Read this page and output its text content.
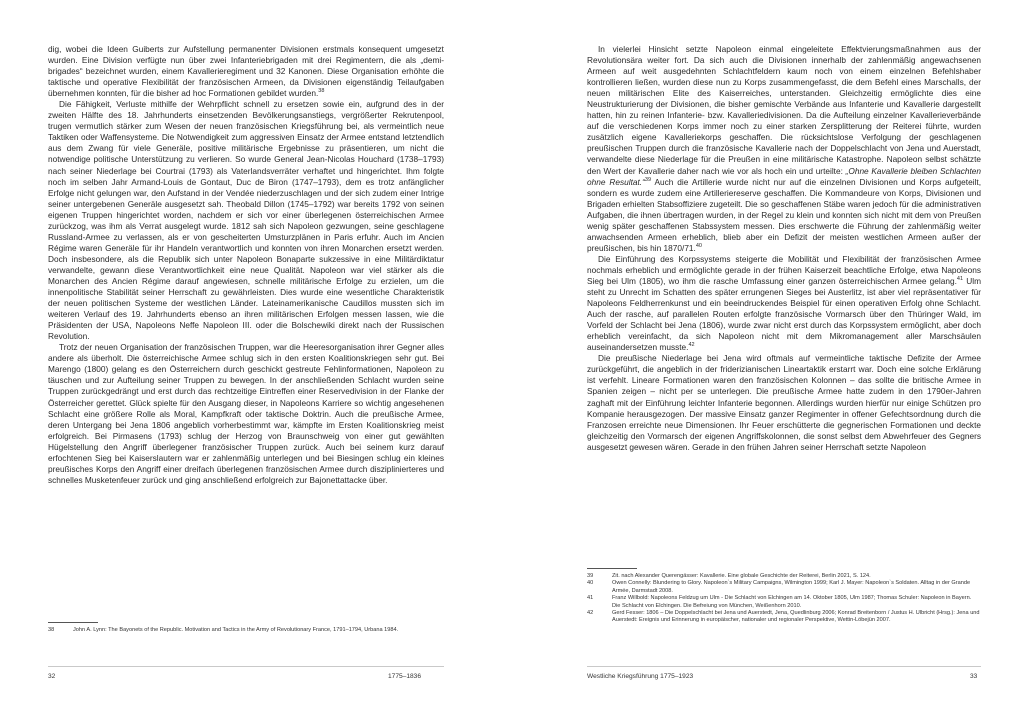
dig, wobei die Ideen Guiberts zur Aufstellung permanenter Divisionen erstmals konsequent umgesetzt wurden. Eine Division verfügte nun über zwei Infanteriebrigaden mit drei Regimentern, die als „demi-brigades“ bezeichnet wurden, einem Kavallerieregiment und 32 Kanonen. Diese Organisation erhöhte die taktische und operative Flexibilität der französischen Armeen, da Divisionen eigenständig Teilaufgaben übernehmen konnten, für die bisher ad hoc Formationen gebildet wurden.$^{38}$

Die Fähigkeit, Verluste mithilfe der Wehrpflicht schnell zu ersetzen sowie ein, aufgrund des in der zweiten Hälfte des 18. Jahrhunderts einsetzenden Bevölkerungsanstiegs, vergrößerter Rekrutenpool, trugen vermutlich stärker zum Wesen der neuen französischen Kriegsführung bei, als vermeintlich neue Taktiken oder Waffensysteme. Die Notwendigkeit zum aggressiven Einsatz der Armee entstand letztendlich aus dem Zwang für viele Generäle, positive militärische Ergebnisse zu präsentieren, um nicht die notwendige politische Unterstützung zu verlieren. So wurde General Jean-Nicolas Houchard (1738–1793) nach seiner Niederlage bei Courtrai (1793) als Vaterlandsverräter verhaftet und hingerichtet. Ihm folgte noch im selben Jahr Armand-Louis de Gontaut, Duc de Biron (1747–1793), dem es trotz anfänglicher Erfolge nicht gelungen war, den Aufstand in der Vendée niederzuschlagen und der sich zudem einer Intrige seiner untergebenen Generäle ausgesetzt sah. Theobald Dillon (1745–1792) war bereits 1792 von seinen eigenen Truppen hingerichtet worden, nachdem er sich vor einer überlegenen österreichischen Armee zurückzog, was ihm als Verrat ausgelegt wurde. 1812 sah sich Napoleon gezwungen, seine geschlagene Russland-Armee zu verlassen, als er von gescheiterten Umsturzplänen in Paris erfuhr. Auch im Ancien Régime waren Generäle für ihr Handeln verantwortlich und konnten von ihren Monarchen ersetzt werden. Doch insbesondere, als die Republik sich unter Napoleon Bonaparte sukzessive in eine Militärdiktatur verwandelte, gewann diese Verantwortlichkeit eine neue Qualität. Napoleon war viel stärker als die Monarchen des Ancien Régime darauf angewiesen, schnelle militärische Erfolge zu erzielen, um die innenpolitische Stabilität seiner Herrschaft zu gewährleisten. Dies wurde eine wesentliche Charakteristik der neuen politischen Systeme der westlichen Länder. Lateinamerikanische Caudillos mussten sich im weiteren Verlauf des 19. Jahrhunderts ebenso an ihren militärischen Erfolgen messen lassen, wie die Präsidenten der USA, Napoleons Neffe Napoleon III. oder die Bolschewiki direkt nach der Russischen Revolution.

Trotz der neuen Organisation der französischen Truppen, war die Heeresorganisation ihrer Gegner alles andere als überholt. Die österreichische Armee schlug sich in den ersten Koalitionskriegen sehr gut. Bei Marengo (1800) gelang es den Österreichern durch geschickt gestreute Fehlinformationen, Napoleon zu täuschen und zur Aufteilung seiner Truppen zu bewegen. In der anschließenden Schlacht wurden seine Truppen zurückgedrängt und erst durch das rechtzeitige Eintreffen einer Reservedivision in der Flanke der Österreicher gerettet. Glück spielte für den Ausgang dieser, in Napoleons Karriere so wichtig angesehenen Schlacht eine größere Rolle als Moral, Kampfkraft oder taktische Doktrin. Auch die preußische Armee, deren Untergang bei Jena 1806 angeblich vorherbestimmt war, kämpfte im Ersten Koalitionskrieg meist erfolgreich. Bei Pirmasens (1793) schlug der Herzog von Braunschweig von einer gut gewählten Hügelstellung den Angriff überlegener französischer Truppen zurück. Auch bei seinem kurz darauf erfochtenen Sieg bei Kaiserslautern war er zahlenmäßig unterlegen und bei Biesingen schlug ein kleines preußisches Korps den Angriff einer dreifach überlegenen französischen Armee durch disziplinierteres und schnelles Musketenfeuer zurück und ging anschließend erfolgreich zur Bajonettattacke über.

38	John A. Lynn: The Bayonets of the Republic. Motivation and Tactics in the Army of Revolutionary France, 1791–1794, Urbana 1984.
32	1775–1836

In vielerlei Hinsicht setzte Napoleon einmal eingeleitete Effektvierungsmaßnahmen aus der Revolutionsära weiter fort. Da sich auch die Divisionen innerhalb der zahlenmäßig angewachsenen Armeen auf weit ausgedehnten Schlachtfeldern kaum noch von einem einzelnen Befehlshaber kontrollieren ließen, wurden diese nun zu Korps zusammengefasst, die dem Befehl eines Marschalls, der neuen militärischen Elite des Kaiserreiches, unterstanden. Gleichzeitig ermöglichte dies eine Neustrukturierung der Divisionen, die bisher gemischte Verbände aus Infanterie und Kavallerie dargestellt hatten, hin zu reinen Infanterie- bzw. Kavalleriedivisionen. Da die Aufteilung einzelner Kavallerieverbände auf die verschiedenen Korps immer noch zu einer starken Zersplitterung der Reiterei führte, wurden zusätzlich eigene Kavalleriekorps geschaffen. Die rücksichtslose Verfolgung der geschlagenen preußischen Truppen durch die französische Kavallerie nach der Doppelschlacht von Jena und Auerstadt, verwandelte diese Niederlage für die Preußen in eine militärische Katastrophe. Napoleon selbst schätzte den Wert der Kavallerie daher nach wie vor als hoch ein und urteilte: „Ohne Kavallerie bleiben Schlachten ohne Resultat.“$^{39}$ Auch die Artillerie wurde nicht nur auf die einzelnen Divisionen und Korps aufgeteilt, sondern es wurde zudem eine Artilleriereserve geschaffen. Die Kommandeure von Korps, Divisionen und Brigaden erhielten Stabsoffiziere zugeteilt. Die so geschaffenen Stäbe waren jedoch für die administrativen Aufgaben, die ihnen übertragen wurden, in der Regel zu klein und konnten sich nicht mit dem von Preußen wenig später geschaffenen Stabssystem messen. Dies erschwerte die Führung der zahlenmäßig weiter anwachsenden Armeen erheblich, blieb aber ein Defizit der meisten westlichen Armeen außer der preußischen, bis hin 1870/71.40

Die Einführung des Korpssystems steigerte die Mobilität und Flexibilität der französischen Armee nochmals erheblich und ermöglichte gerade in der frühen Kaiserzeit beachtliche Erfolge, etwa Napoleons Sieg bei Ulm (1805), wo ihm die rasche Umfassung einer ganzen österreichischen Armee gelang.$^{41}$ Ulm steht zu Unrecht im Schatten des später errungenen Sieges bei Austerlitz, ist aber viel repräsentativer für Napoleons Feldherrenkunst und ein beeindruckendes Beispiel für einen operativen Erfolg ohne Schlacht. Auch der rasche, auf parallelen Routen erfolgte französische Vormarsch über den Thüringer Wald, im Vorfeld der Schlacht bei Jena (1806), wurde zwar nicht erst durch das Korpssystem ermöglicht, aber doch erheblich vereinfacht, da sich Napoleon nicht mit dem Mikromanagement aller Marschsäulen auseinandersetzen musste.$^{42}$

Die preußische Niederlage bei Jena wird oftmals auf vermeintliche taktische Defizite der Armee zurückgeführt, die angeblich in der friderizianischen Lineartaktik erstarrt war. Doch eine solche Erklärung ist verfehlt. Lineare Formationen waren den französischen Kolonnen – das sollte die britische Armee in Spanien zeigen – nicht per se unterlegen. Die preußische Armee hatte zudem in den 1790er-Jahren zaghaft mit der Einführung leichter Infanterie begonnen. Allerdings wurden hierfür nur einige Schützen pro Kompanie herausgezogen. Der massive Einsatz ganzer Regimenter in offener Gefechtsordnung durch die Franzosen erreichte neue Dimensionen. Ihr Feuer erschütterte die gegnerischen Formationen und deckte gleichzeitig den Vormarsch der eigenen Angriffskolonnen, die sonst selbst dem Abwehrfeuer des Gegners ausgesetzt gewesen wären. Gerade in den frühen Jahren seiner Herrschaft setzte Napoleon

39	Zit. nach Alexander Querengässer: Kavallerie. Eine globale Geschichte der Reiterei, Berlin 2021, S. 124.
40	Owen Connelly: Blundering to Glory. Napoleon`s Military Campaigns, Wilmington 1999; Karl J. Mayer: Napoleon`s Soldaten. Alltag in der Grande Armée, Darmstadt 2008.
41	Franz Willbold: Napoleons Feldzug um Ulm - Die Schlacht von Elchingen am 14. Oktober 1805, Ulm 1987; Thomas Schuler: Napoleon in Bayern. Die Schlacht von Elchingen. Die Befreiung von München, Weißenhorn 2010.
42	Gerd Fesser: 1806 – Die Doppelschlacht bei Jena und Auerstedt, Jena, Quedlinburg 2006; Konrad Breitenborn / Justus H. Ulbricht (Hrsg.): Jena und Auerstedt: Ereignis und Erinnerung in europäischer, nationaler und regionaler Perspektive, Wettin-Löbejün 2007.
Westliche Kriegsführung 1775–1923	33
